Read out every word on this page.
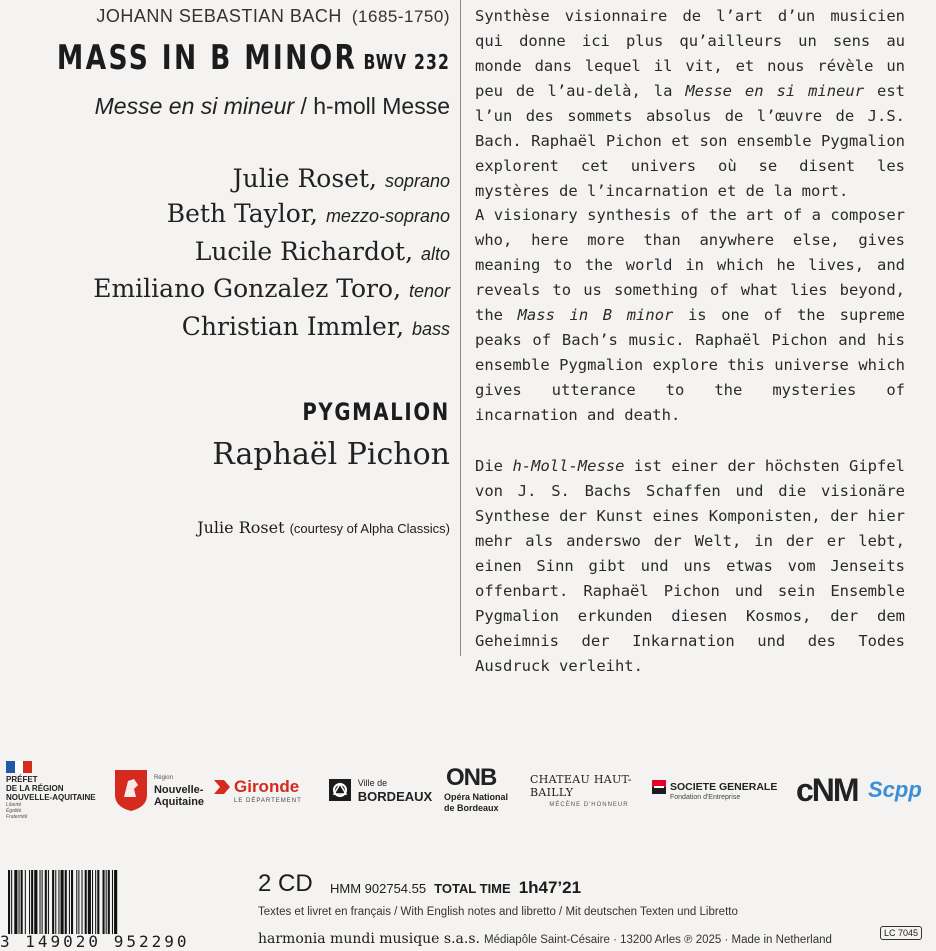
JOHANN SEBASTIAN BACH (1685-1750)
MASS IN B MINOR BWV 232
Messe en si mineur / h-moll Messe
Julie Roset, soprano
Beth Taylor, mezzo-soprano
Lucile Richardot, alto
Emiliano Gonzalez Toro, tenor
Christian Immler, bass
PYGMALION
Raphaël Pichon
Julie Roset (courtesy of Alpha Classics)
Synthèse visionnaire de l’art d’un musicien qui donne ici plus qu’ailleurs un sens au monde dans lequel il vit, et nous révèle un peu de l’au-delà, la Messe en si mineur est l’un des sommets absolus de l’œuvre de J.S. Bach. Raphaël Pichon et son ensemble Pygmalion explorent cet univers où se disent les mystères de l’incarnation et de la mort.
A visionary synthesis of the art of a composer who, here more than anywhere else, gives meaning to the world in which he lives, and reveals to us something of what lies beyond, the Mass in B minor is one of the supreme peaks of Bach’s music. Raphaël Pichon and his ensemble Pygmalion explore this universe which gives utterance to the mysteries of incarnation and death.
Die h-Moll-Messe ist einer der höchsten Gipfel von J. S. Bachs Schaffen und die visionäre Synthese der Kunst eines Komponisten, der hier mehr als anderswo der Welt, in der er lebt, einen Sinn gibt und uns etwas vom Jenseits offenbart. Raphaël Pichon und sein Ensemble Pygmalion erkunden diesen Kosmos, der dem Geheimnis der Inkarnation und des Todes Ausdruck verleiht.
PRÉFET
DE LA RÉGION
NOUVELLE-AQUITAINE
Liberté
Égalité
Fraternité
Région
Nouvelle-
Aquitaine
Gironde
LE DÉPARTEMENT
Ville de
BORDEAUX
ONB
Opéra National
de Bordeaux
CHATEAU HAUT-BAILLY
MÉCÈNE D'HONNEUR
SOCIETE GENERALE
Fondation d'Entreprise cNM Scpp
3 149020 952290
2 CD HMM 902754.55 TOTAL TIME 1h47’21
Textes et livret en français / With English notes and libretto / Mit deutschen Texten und Libretto
harmonia mundi musique s.a.s. Médiapôle Saint-Césaire · 13200 Arles ℗ 2025 · Made in Netherland
LC 7045
